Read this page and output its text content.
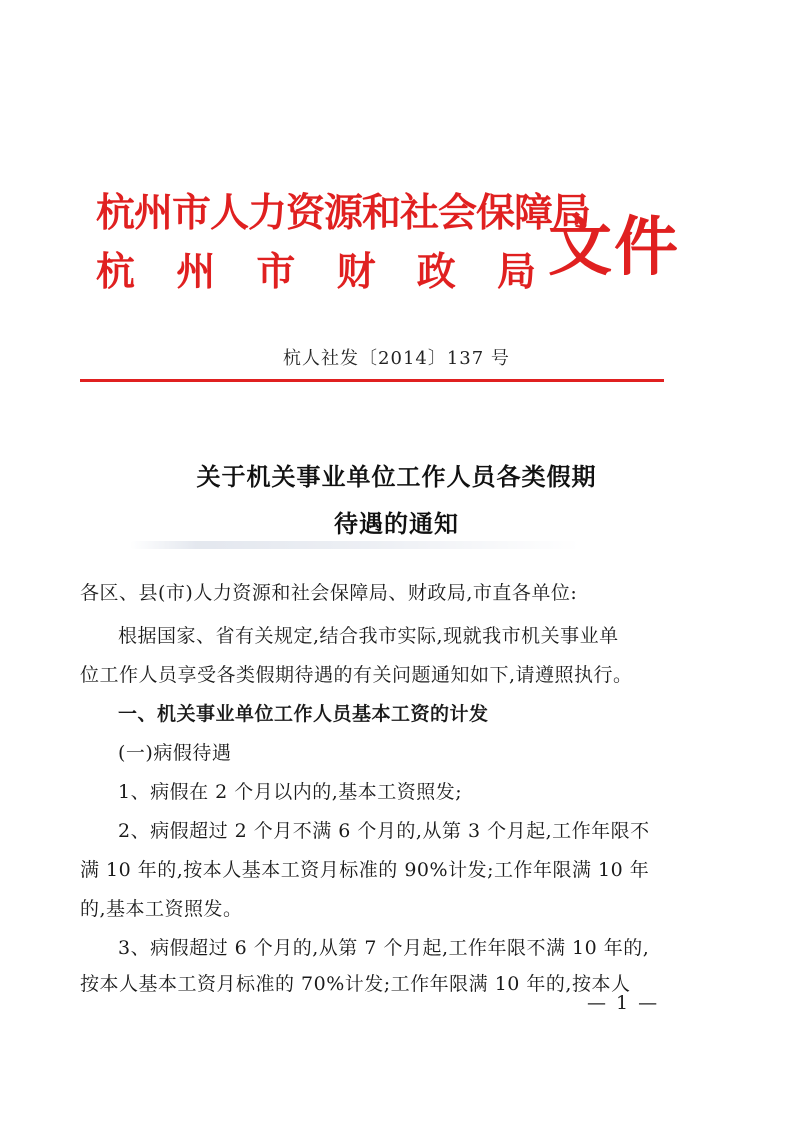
杭州市人力资源和社会保障局
杭 州 市 财 政 局 文件
杭人社发〔2014〕137 号
关于机关事业单位工作人员各类假期
待遇的通知
各区、县(市)人力资源和社会保障局、财政局,市直各单位:
根据国家、省有关规定,结合我市实际,现就我市机关事业单
位工作人员享受各类假期待遇的有关问题通知如下,请遵照执行。
一、机关事业单位工作人员基本工资的计发
(一)病假待遇
1、病假在 2 个月以内的,基本工资照发;
2、病假超过 2 个月不满 6 个月的,从第 3 个月起,工作年限不
满 10 年的,按本人基本工资月标准的 90%计发;工作年限满 10 年
的,基本工资照发。
3、病假超过 6 个月的,从第 7 个月起,工作年限不满 10 年的,
按本人基本工资月标准的 70%计发;工作年限满 10 年的,按本人
— 1 —
